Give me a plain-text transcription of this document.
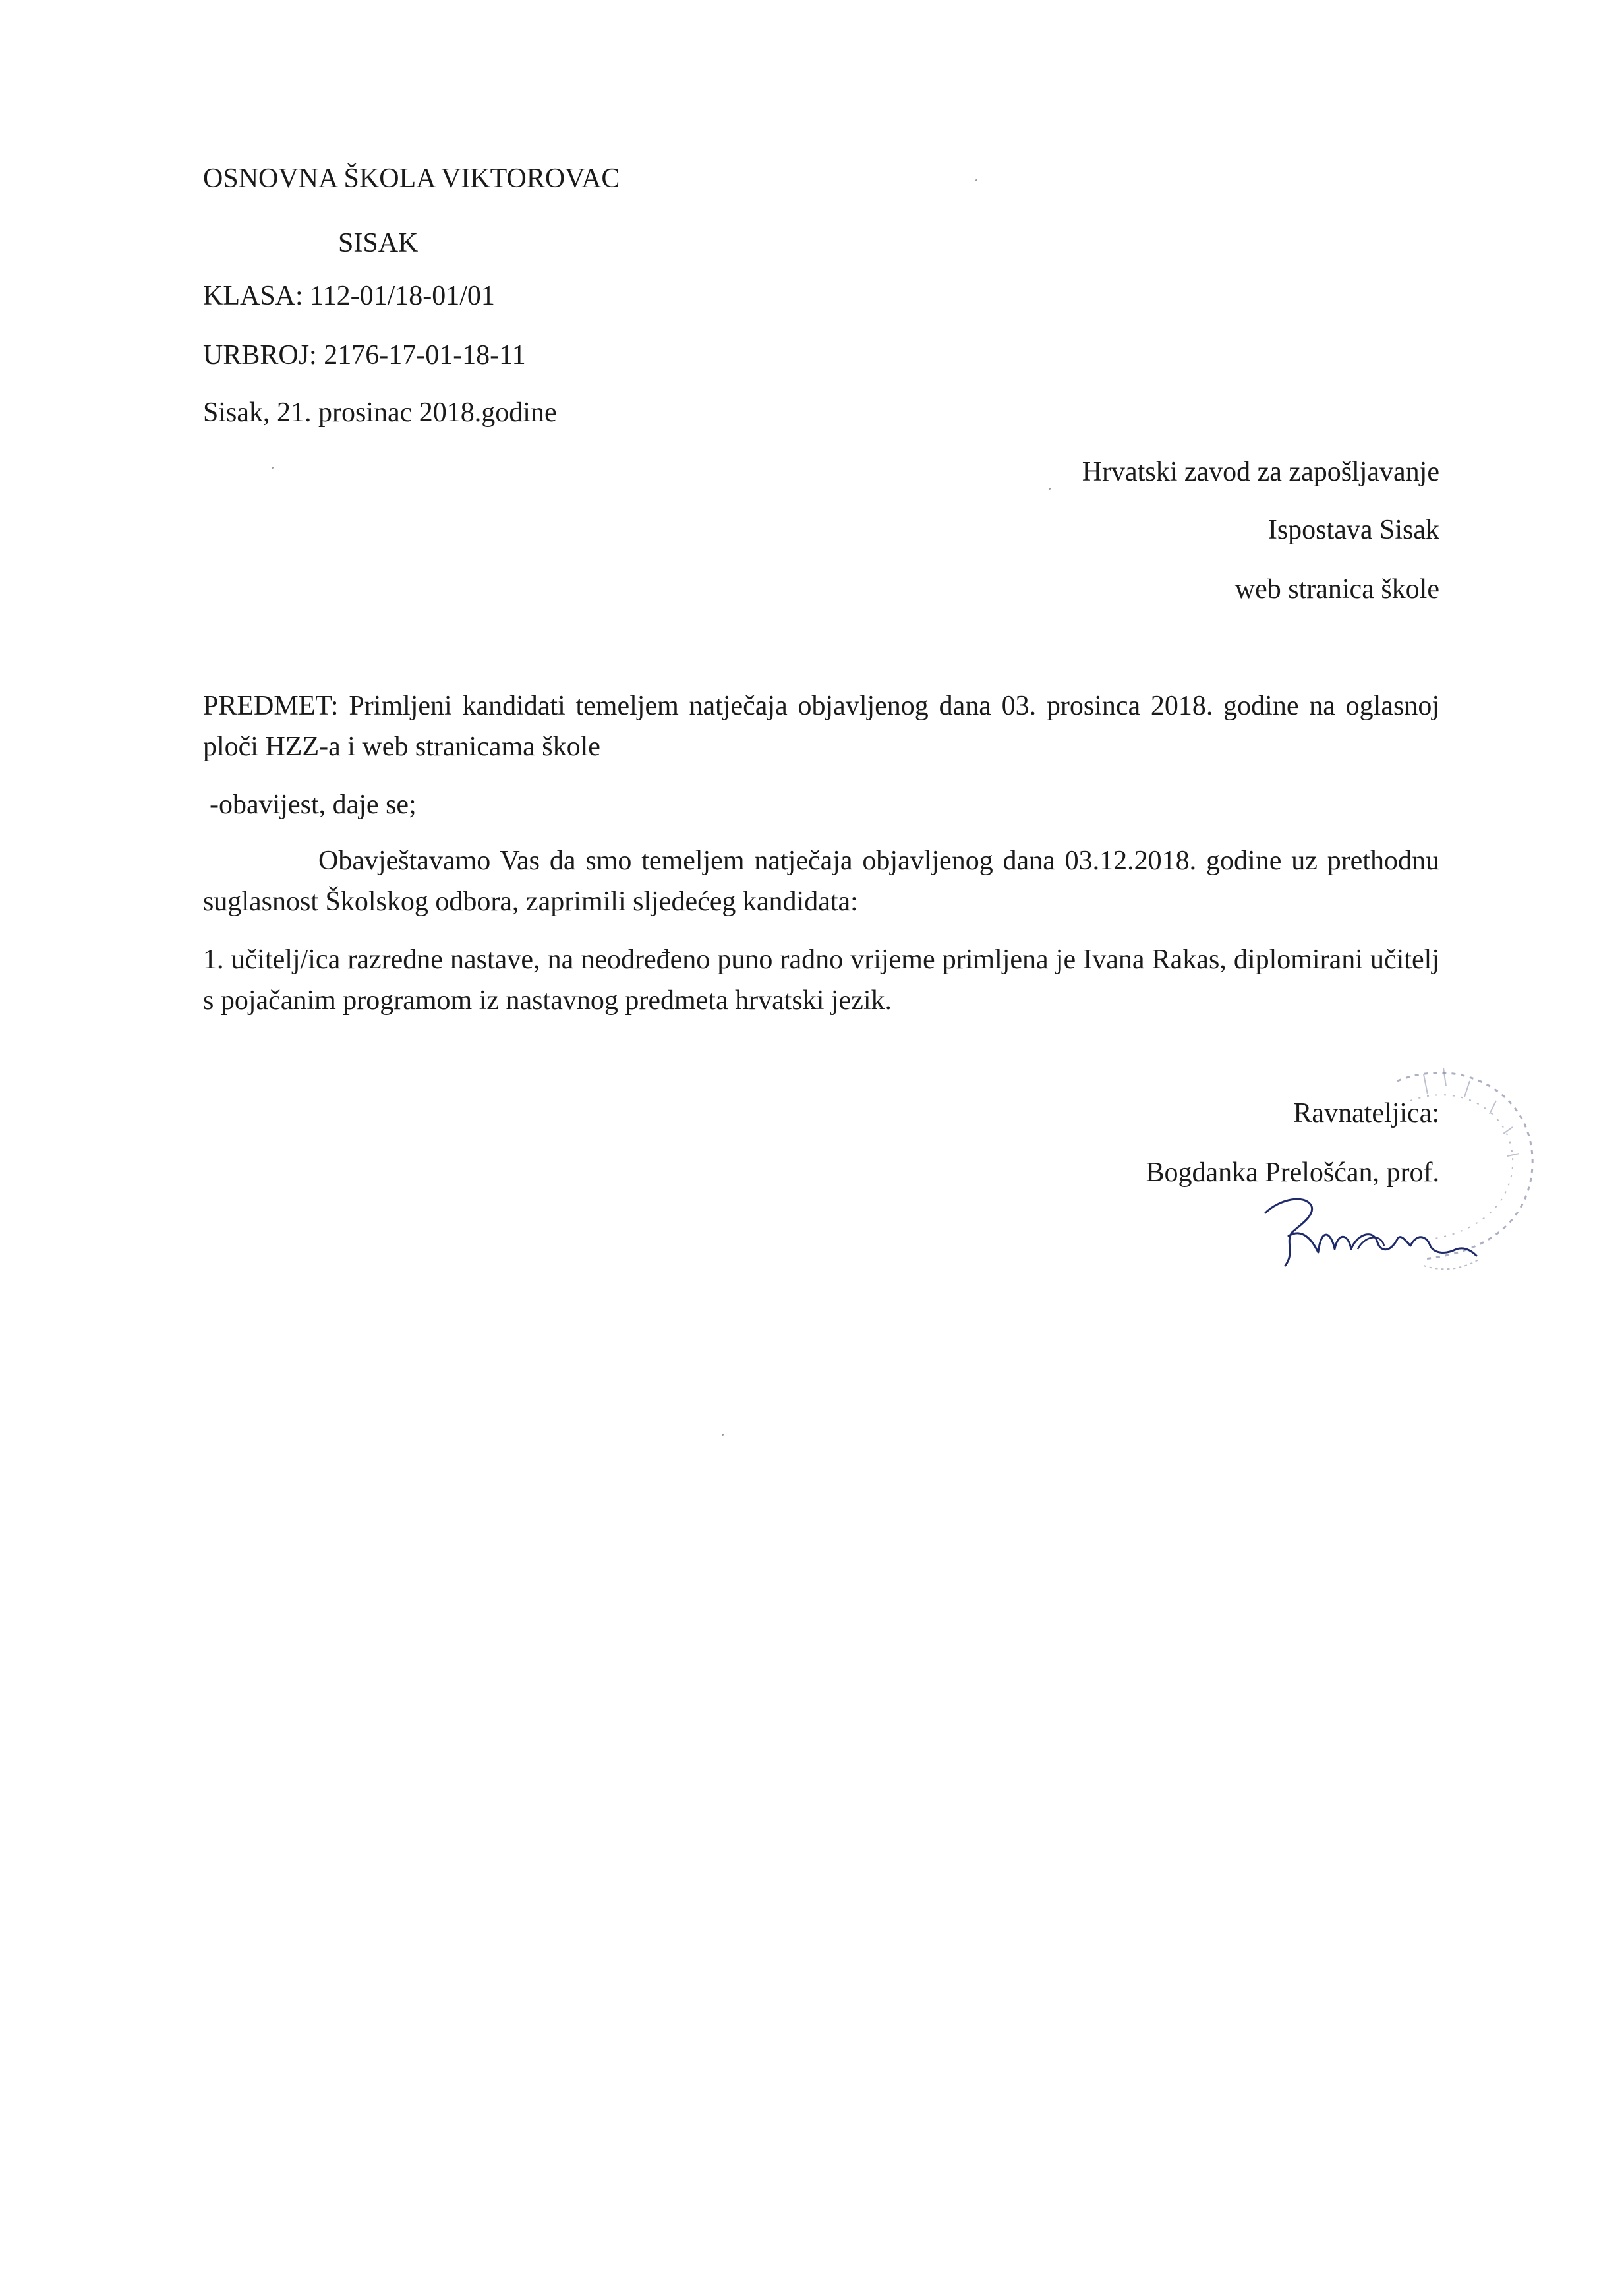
OSNOVNA ŠKOLA VIKTOROVAC
SISAK
KLASA: 112-01/18-01/01
URBROJ: 2176-17-01-18-11
Sisak, 21. prosinac 2018.godine
Hrvatski zavod za zapošljavanje
Ispostava Sisak
web stranica škole
PREDMET: Primljeni kandidati temeljem natječaja objavljenog dana 03. prosinca 2018. godine na oglasnoj ploči HZZ-a i web stranicama škole
-obavijest, daje se;
Obavještavamo Vas da smo temeljem natječaja objavljenog dana 03.12.2018. godine uz prethodnu suglasnost Školskog odbora, zaprimili sljedećeg kandidata:
1. učitelj/ica razredne nastave, na neodređeno puno radno vrijeme primljena je Ivana Rakas, diplomirani učitelj s pojačanim programom iz nastavnog predmeta hrvatski jezik.
Ravnateljica:
Bogdanka Prelošćan, prof.
